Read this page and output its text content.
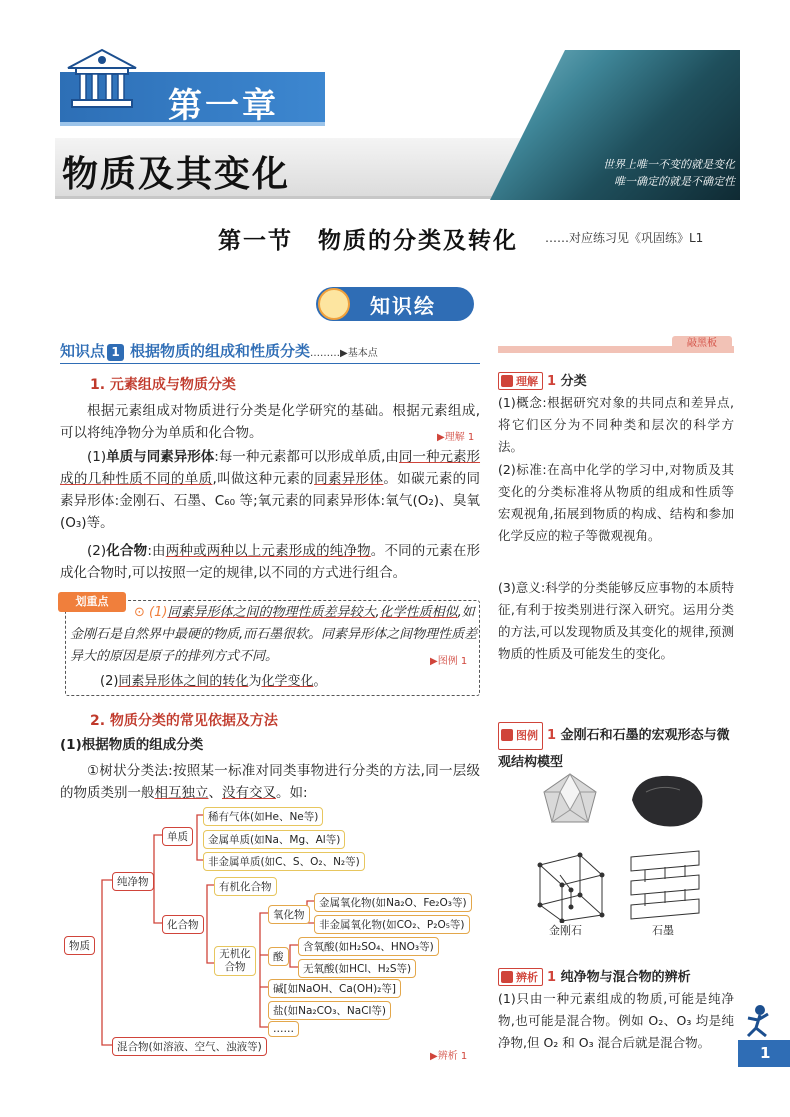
第一章
物质及其变化	世界上唯一不变的就是变化
唯一确定的就是不确定性
第一节　物质的分类及转化 ……对应练习见《巩固练》L1
知识绘
知识点 1 根据物质的组成和性质分类………▶基本点
1. 元素组成与物质分类
根据元素组成对物质进行分类是化学研究的基础。根据元素组成,可以将纯净物分为单质和化合物。	▶理解 1
(1)单质与同素异形体:每一种元素都可以形成单质,由同一种元素形成的几种性质不同的单质,叫做这种元素的同素异形体。如碳元素的同素异形体:金刚石、石墨、C₆₀ 等;氧元素的同素异形体:氧气(O₂)、臭氧(O₃)等。
(2)化合物:由两种或两种以上元素形成的纯净物。不同的元素在形成化合物时,可以按照一定的规律,以不同的方式进行组合。
划重点
⊙ (1)同素异形体之间的物理性质差异较大,化学性质相似,如金刚石是自然界中最硬的物质,而石墨很软。同素异形体之间物理性质差异大的原因是原子的排列方式不同。	▶图例 1
(2)同素异形体之间的转化为化学变化。
2. 物质分类的常见依据及方法
(1)根据物质的组成分类
①树状分类法:按照某一标准对同类事物进行分类的方法,同一层级的物质类别一般相互独立、没有交叉。如:
物质
纯净物
混合物(如溶液、空气、浊液等)
单质
化合物
稀有气体(如He、Ne等)
金属单质(如Na、Mg、Al等)
非金属单质(如C、S、O₂、N₂等)
有机化合物
无机化合物
氧化物
金属氧化物(如Na₂O、Fe₂O₃等)
非金属氧化物(如CO₂、P₂O₅等)
酸
含氧酸(如H₂SO₄、HNO₃等)
无氧酸(如HCl、H₂S等)
碱[如NaOH、Ca(OH)₂等]
盐(如Na₂CO₃、NaCl等)
……
▶辨析 1
敲黑板
理解 1 分类
(1)概念:根据研究对象的共同点和差异点,将它们区分为不同种类和层次的科学方法。
(2)标准:在高中化学的学习中,对物质及其变化的分类标准将从物质的组成和性质等宏观视角,拓展到物质的构成、结构和参加化学反应的粒子等微观视角。
(3)意义:科学的分类能够反应事物的本质特征,有利于按类别进行深入研究。运用分类的方法,可以发现物质及其变化的规律,预测物质的性质及可能发生的变化。
图例 1 金刚石和石墨的宏观形态与微观结构模型
金刚石	石墨
辨析 1 纯净物与混合物的辨析
(1)只由一种元素组成的物质,可能是纯净物,也可能是混合物。例如 O₂、O₃ 均是纯净物,但 O₂ 和 O₃ 混合后就是混合物。
1
